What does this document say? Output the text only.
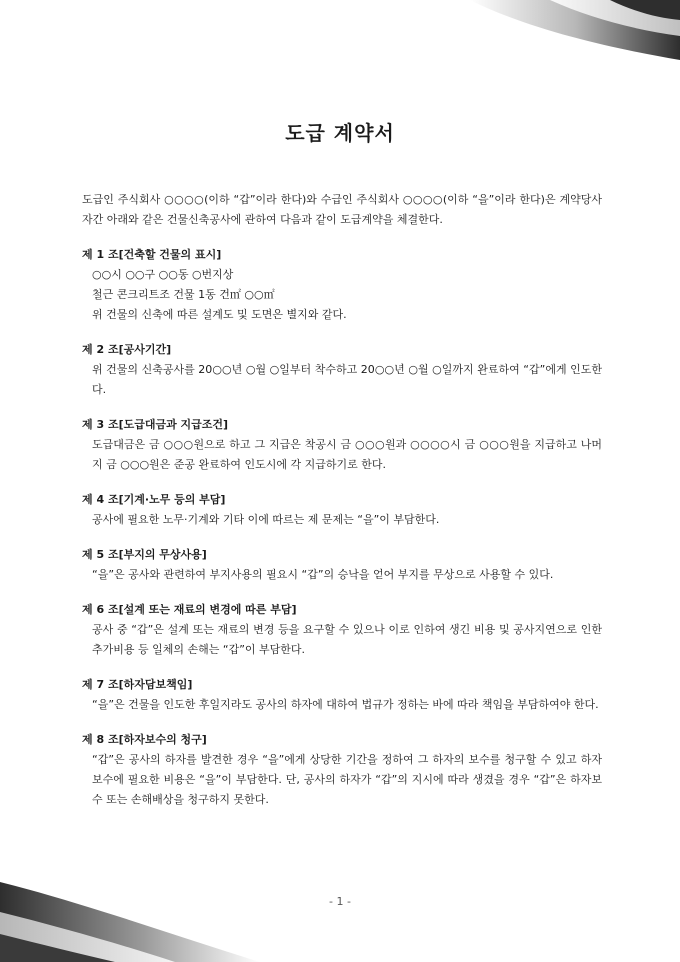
도급 계약서

도급인 주식회사 ○○○○(이하 “갑”이라 한다)와 수급인 주식회사 ○○○○(이하 “을”이라 한다)은 계약당사자간 아래와 같은 건물신축공사에 관하여 다음과 같이 도급계약을 체결한다.

제 1 조[건축할 건물의 표시]
○○시 ○○구 ○○동 ○번지상
철근 콘크리트조 건물 1동 건㎡ ○○㎡
위 건물의 신축에 따른 설계도 및 도면은 별지와 같다.
제 2 조[공사기간]
위 건물의 신축공사를 20○○년 ○월 ○일부터 착수하고 20○○년 ○월 ○일까지 완료하여 “갑”에게 인도한다.
제 3 조[도급대금과 지급조건]
도급대금은 금 ○○○원으로 하고 그 지급은 착공시 금 ○○○원과 ○○○○시 금 ○○○원을 지급하고 나머지 금 ○○○원은 준공 완료하여 인도시에 각 지급하기로 한다.
제 4 조[기계·노무 등의 부담]
공사에 필요한 노무·기계와 기타 이에 따르는 제 문제는 “을”이 부담한다.
제 5 조[부지의 무상사용]
“을”은 공사와 관련하여 부지사용의 필요시 “갑”의 승낙을 얻어 부지를 무상으로 사용할 수 있다.
제 6 조[설계 또는 재료의 변경에 따른 부담]
공사 중 “갑”은 설계 또는 재료의 변경 등을 요구할 수 있으나 이로 인하여 생긴 비용 및 공사지연으로 인한 추가비용 등 일체의 손해는 “갑”이 부담한다.
제 7 조[하자담보책임]
“을”은 건물을 인도한 후일지라도 공사의 하자에 대하여 법규가 정하는 바에 따라 책임을 부담하여야 한다.
제 8 조[하자보수의 청구]
“갑”은 공사의 하자를 발견한 경우 “을”에게 상당한 기간을 정하여 그 하자의 보수를 청구할 수 있고 하자보수에 필요한 비용은 “을”이 부담한다. 단, 공사의 하자가 “갑”의 지시에 따라 생겼을 경우 “갑”은 하자보수 또는 손해배상을 청구하지 못한다.
- 1 -
